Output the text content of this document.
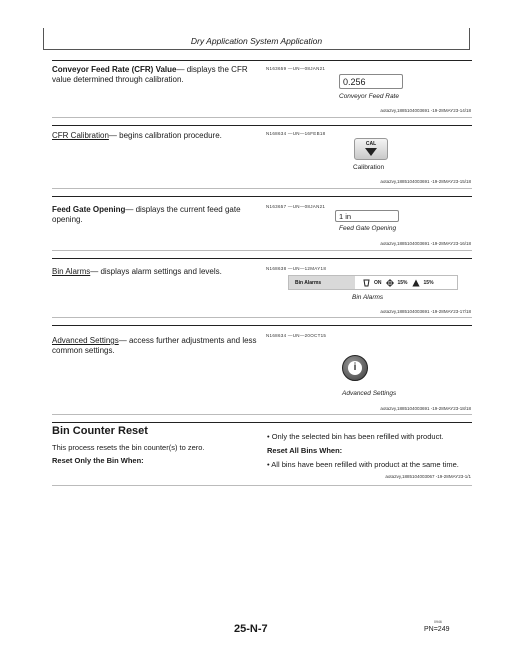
Dry Application System Application
Conveyor Feed Rate (CFR) Value— displays the CFR value determined through calibration.
N163659 —UN—08JAN21
0.256
Conveyor Feed Rate
aota2vy,1885104003691 -19-28MAY23-14/18
CFR Calibration— begins calibration procedure.	N168634 —UN—16FEB18
CAL
Calibration
aota2vy,1885104003691 -19-28MAY23-15/18
Feed Gate Opening— displays the current feed gate opening.
N163657 —UN—08JAN21
1 in
Feed Gate Opening
aota2vy,1885104003691 -19-28MAY23-16/18
Bin Alarms— displays alarm settings and levels.	N168638 —UN—12MAY18
Bin Alarms	ON	15%	15%
Bin Alarms
aota2vy,1885104003691 -19-28MAY23-17/18
Advanced Settings— access further adjustments and less common settings.
N168634 —UN—20OCT15
i
Advanced Settings
aota2vy,1885104003691 -19-28MAY23-18/18
Bin Counter Reset
This process resets the bin counter(s) to zero.
Reset Only the Bin When:
• Only the selected bin has been refilled with product.
Reset All Bins When:
• All bins have been refilled with product at the same time.
aota2vy,1885104003067 -19-28MAY23-1/1
25-N-7
0946
PN=249
